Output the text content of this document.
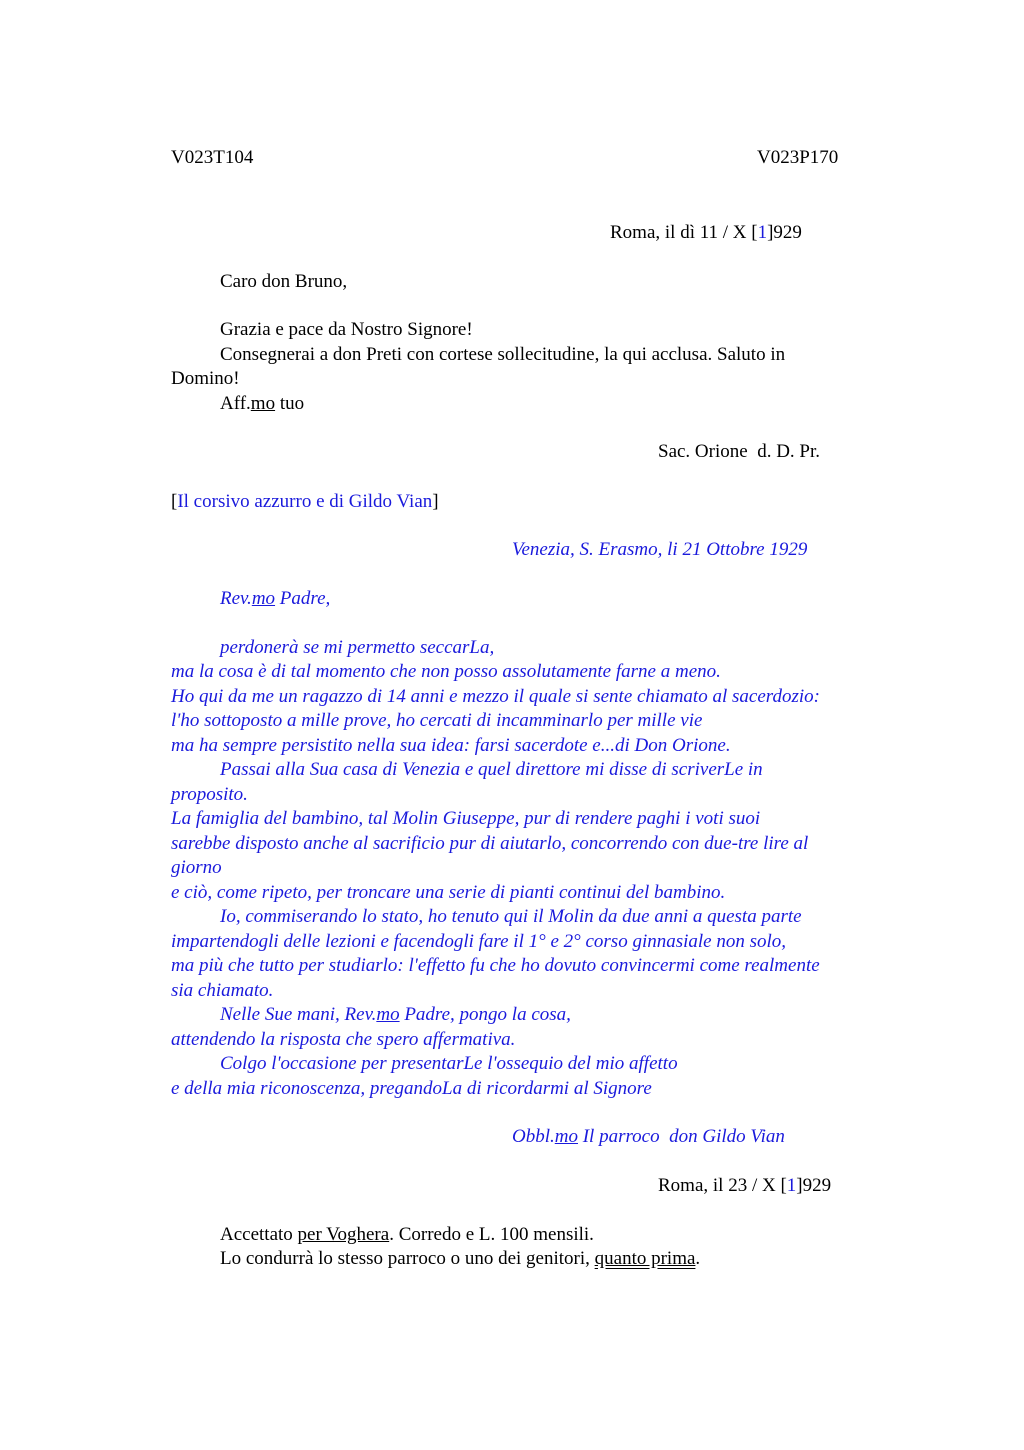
V023T104	V023P170
Roma, il dì 11 / X [1]929
Caro don Bruno,
Grazia e pace da Nostro Signore!
Consegnerai a don Preti con cortese sollecitudine, la qui acclusa. Saluto in
Domino!
Aff.mo tuo
Sac. Orione  d. D. Pr.
[Il corsivo azzurro e di Gildo Vian]
Venezia, S. Erasmo, li 21 Ottobre 1929
Rev.mo Padre,
perdonerà se mi permetto seccarLa,
ma la cosa è di tal momento che non posso assolutamente farne a meno.
Ho qui da me un ragazzo di 14 anni e mezzo il quale si sente chiamato al sacerdozio:
l'ho sottoposto a mille prove, ho cercati di incamminarlo per mille vie
ma ha sempre persistito nella sua idea: farsi sacerdote e...di Don Orione.
Passai alla Sua casa di Venezia e quel direttore mi disse di scriverLe in
proposito.
La famiglia del bambino, tal Molin Giuseppe, pur di rendere paghi i voti suoi
sarebbe disposto anche al sacrificio pur di aiutarlo, concorrendo con due-tre lire al
giorno
e ciò, come ripeto, per troncare una serie di pianti continui del bambino.
Io, commiserando lo stato, ho tenuto qui il Molin da due anni a questa parte
impartendogli delle lezioni e facendogli fare il 1° e 2° corso ginnasiale non solo,
ma più che tutto per studiarlo: l'effetto fu che ho dovuto convincermi come realmente
sia chiamato.
Nelle Sue mani, Rev.mo Padre, pongo la cosa,
attendendo la risposta che spero affermativa.
Colgo l'occasione per presentarLe l'ossequio del mio affetto
e della mia riconoscenza, pregandoLa di ricordarmi al Signore
Obbl.mo Il parroco  don Gildo Vian
Roma, il 23 / X [1]929
Accettato per Voghera. Corredo e L. 100 mensili.
Lo condurrà lo stesso parroco o uno dei genitori, quanto prima.
